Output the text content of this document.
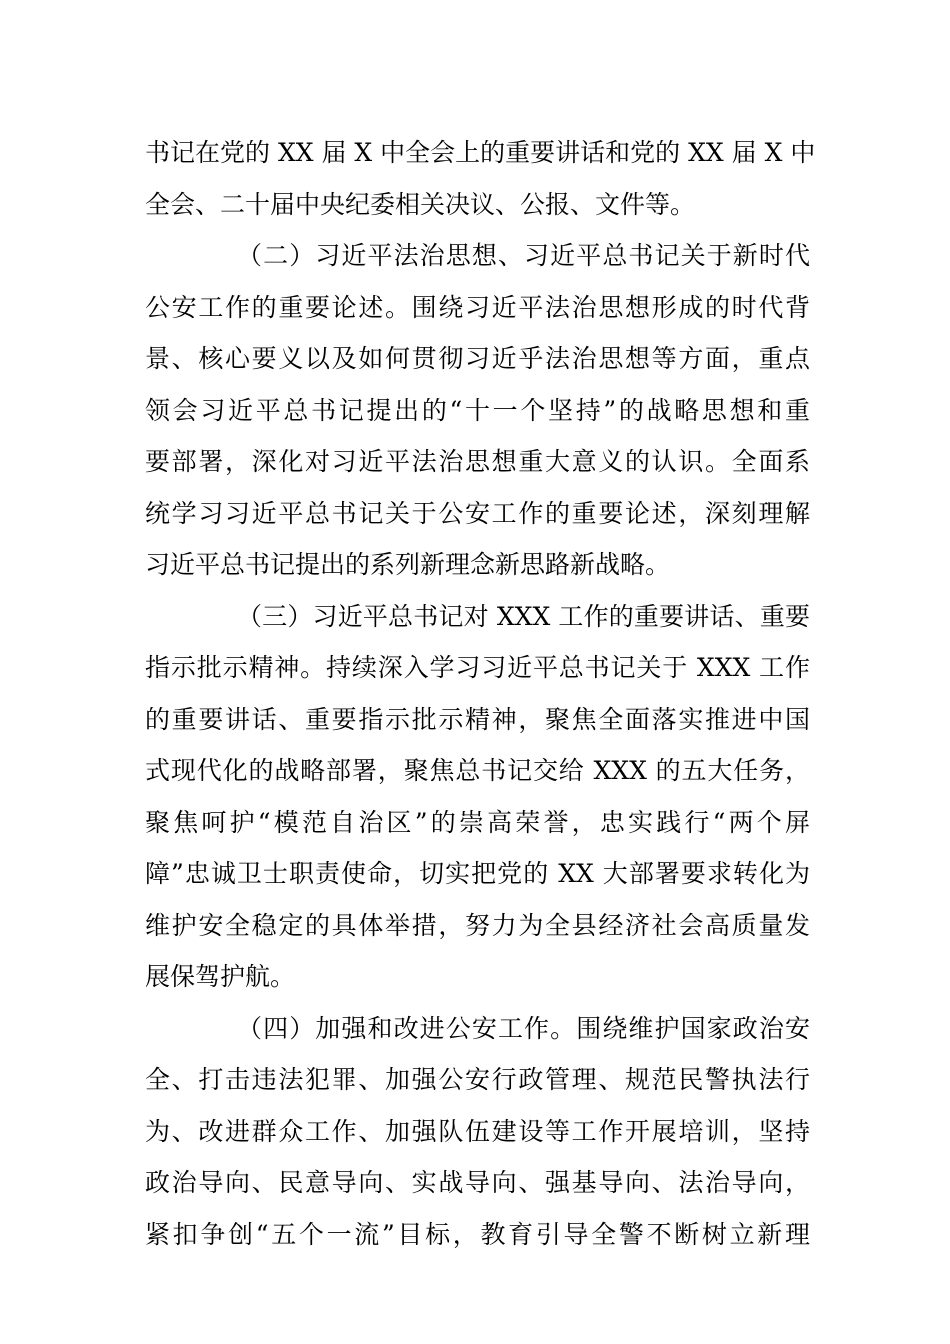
书记在党的 XX 届 X 中全会上的重要讲话和党的 XX 届 X 中
全会、二十届中央纪委相关决议、公报、文件等。
（二）习近平法治思想、习近平总书记关于新时代
公安工作的重要论述。围绕习近平法治思想形成的时代背
景、核心要义以及如何贯彻习近乎法治思想等方面，重点
领会习近平总书记提出的“十一个坚持”的战略思想和重
要部署，深化对习近平法治思想重大意义的认识。全面系
统学习习近平总书记关于公安工作的重要论述，深刻理解
习近平总书记提出的系列新理念新思路新战略。
（三）习近平总书记对 XXX 工作的重要讲话、重要
指示批示精神。持续深入学习习近平总书记关于 XXX 工作
的重要讲话、重要指示批示精神，聚焦全面落实推进中国
式现代化的战略部署，聚焦总书记交给 XXX 的五大任务，
聚焦呵护“模范自治区”的崇高荣誉，忠实践行“两个屏
障”忠诚卫士职责使命，切实把党的 XX 大部署要求转化为
维护安全稳定的具体举措，努力为全县经济社会高质量发
展保驾护航。
（四）加强和改进公安工作。围绕维护国家政治安
全、打击违法犯罪、加强公安行政管理、规范民警执法行
为、改进群众工作、加强队伍建设等工作开展培训，坚持
政治导向、民意导向、实战导向、强基导向、法治导向，
紧扣争创“五个一流”目标，教育引导全警不断树立新理
